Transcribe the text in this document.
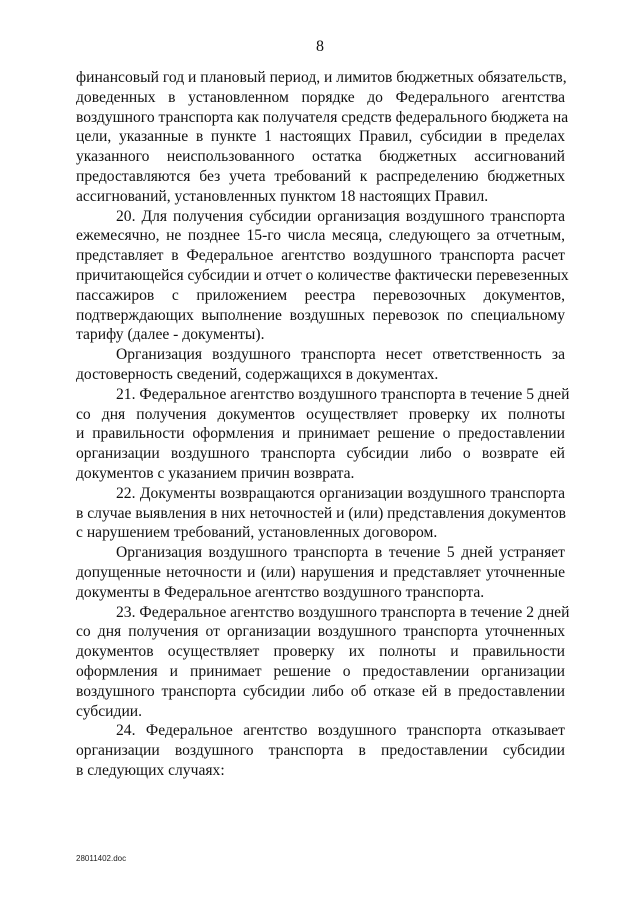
8

финансовый год и плановый период, и лимитов бюджетных обязательств,
доведенных в установленном порядке до Федерального агентства
воздушного транспорта как получателя средств федерального бюджета на
цели, указанные в пункте 1 настоящих Правил, субсидии в пределах
указанного неиспользованного остатка бюджетных ассигнований
предоставляются без учета требований к распределению бюджетных
ассигнований, установленных пунктом 18 настоящих Правил.

20. Для получения субсидии организация воздушного транспорта
ежемесячно, не позднее 15-го числа месяца, следующего за отчетным,
представляет в Федеральное агентство воздушного транспорта расчет
причитающейся субсидии и отчет о количестве фактически перевезенных
пассажиров с приложением реестра перевозочных документов,
подтверждающих выполнение воздушных перевозок по специальному
тарифу (далее - документы).

Организация воздушного транспорта несет ответственность за
достоверность сведений, содержащихся в документах.

21. Федеральное агентство воздушного транспорта в течение 5 дней
со дня получения документов осуществляет проверку их полноты
и правильности оформления и принимает решение о предоставлении
организации воздушного транспорта субсидии либо о возврате ей
документов с указанием причин возврата.

22. Документы возвращаются организации воздушного транспорта
в случае выявления в них неточностей и (или) представления документов
с нарушением требований, установленных договором.

Организация воздушного транспорта в течение 5 дней устраняет
допущенные неточности и (или) нарушения и представляет уточненные
документы в Федеральное агентство воздушного транспорта.

23. Федеральное агентство воздушного транспорта в течение 2 дней
со дня получения от организации воздушного транспорта уточненных
документов осуществляет проверку их полноты и правильности
оформления и принимает решение о предоставлении организации
воздушного транспорта субсидии либо об отказе ей в предоставлении
субсидии.

24. Федеральное агентство воздушного транспорта отказывает
организации воздушного транспорта в предоставлении субсидии
в следующих случаях:

28011402.doc
